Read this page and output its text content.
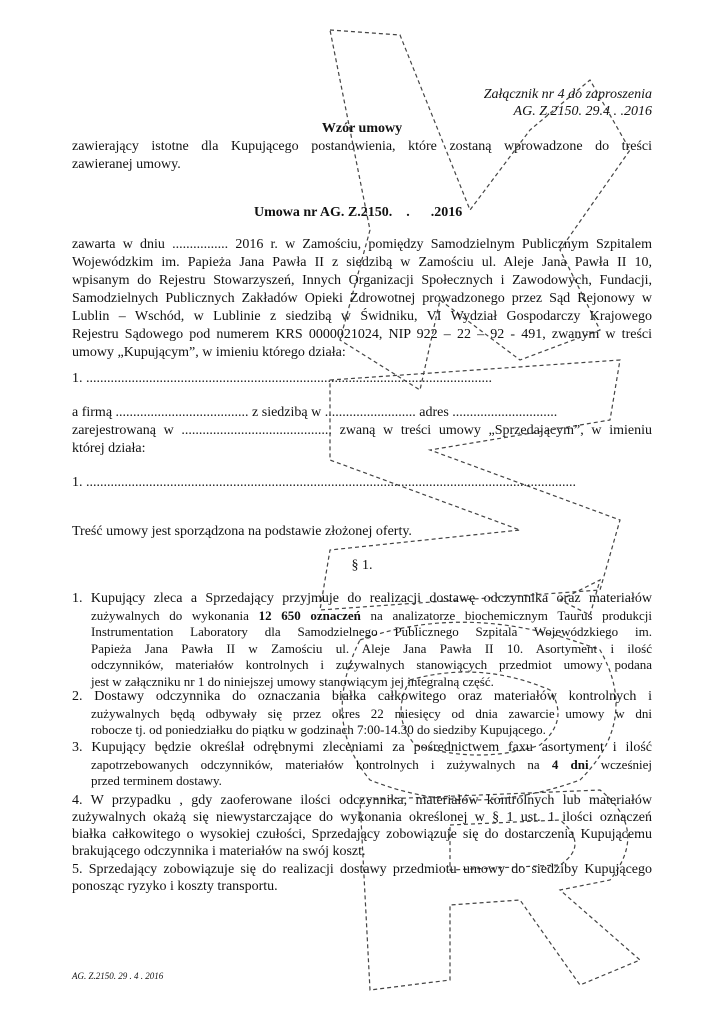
Załącznik nr 4 do zaproszenia
AG. Z.2150. 29.4 . .2016
Wzór umowy
zawierający istotne dla Kupującego postanowienia, które zostaną wprowadzone do treści
zawieranej umowy.
Umowa nr AG. Z.2150.    .      .2016
zawarta w dniu ................ 2016 r. w Zamościu, pomiędzy Samodzielnym Publicznym Szpitalem
Wojewódzkim im. Papieża Jana Pawła II z siedzibą w Zamościu ul. Aleje Jana Pawła II 10,
wpisanym do Rejestru Stowarzyszeń, Innych Organizacji Społecznych i Zawodowych, Fundacji,
Samodzielnych Publicznych Zakładów Opieki Zdrowotnej prowadzonego przez Sąd Rejonowy w
Lublin – Wschód, w Lublinie z siedzibą w Świdniku, VI Wydział Gospodarczy Krajowego
Rejestru Sądowego pod numerem KRS 0000021024, NIP 922 – 22 – 92 - 491, zwanym w treści
umowy „Kupującym”, w imieniu którego działa:
1. ....................................................................................................................
a firmą ...................................... z siedzibą w .......................... adres ..............................
zarejestrowaną w ........................................... zwaną w treści umowy „Sprzedającym”, w imieniu
której działa:
1. ............................................................................................................................................
Treść umowy jest sporządzona na podstawie złożonej oferty.
§ 1.
1. Kupujący zleca a Sprzedający przyjmuje do realizacji dostawę odczynnika oraz materiałów
zużywalnych do wykonania 12 650 oznaczeń na analizatorze biochemicznym Taurus produkcji
Instrumentation Laboratory dla Samodzielnego Publicznego Szpitala Wojewódzkiego im.
Papieża Jana Pawła II w Zamościu ul. Aleje Jana Pawła II 10. Asortyment i ilość
odczynników, materiałów kontrolnych i zużywalnych stanowiących przedmiot umowy podana
jest w załączniku nr 1 do niniejszej umowy stanowiącym jej integralną część.
2. Dostawy odczynnika do oznaczania białka całkowitego oraz materiałów kontrolnych i
zużywalnych będą odbywały się przez okres 22 miesięcy od dnia zawarcie umowy w dni
robocze tj. od poniedziałku do piątku w godzinach 7:00-14.30 do siedziby Kupującego.
3. Kupujący będzie określał odrębnymi zleceniami za pośrednictwem faxu asortyment i ilość
zapotrzebowanych odczynników, materiałów kontrolnych i zużywalnych na 4 dni wcześniej
przed terminem dostawy.
4. W przypadku , gdy zaoferowane ilości odczynnika, materiałów kontrolnych lub materiałów
zużywalnych okażą się niewystarczające do wykonania określonej w § 1 ust. 1 ilości oznaczeń
białka całkowitego o wysokiej czułości, Sprzedający zobowiązuje się do dostarczenia Kupującemu
brakującego odczynnika i materiałów na swój koszt.
5. Sprzedający zobowiązuje się do realizacji dostawy przedmiotu umowy do siedziby Kupującego
ponosząc ryzyko i koszty transportu.
AG. Z.2150. 29 . 4 . 2016
